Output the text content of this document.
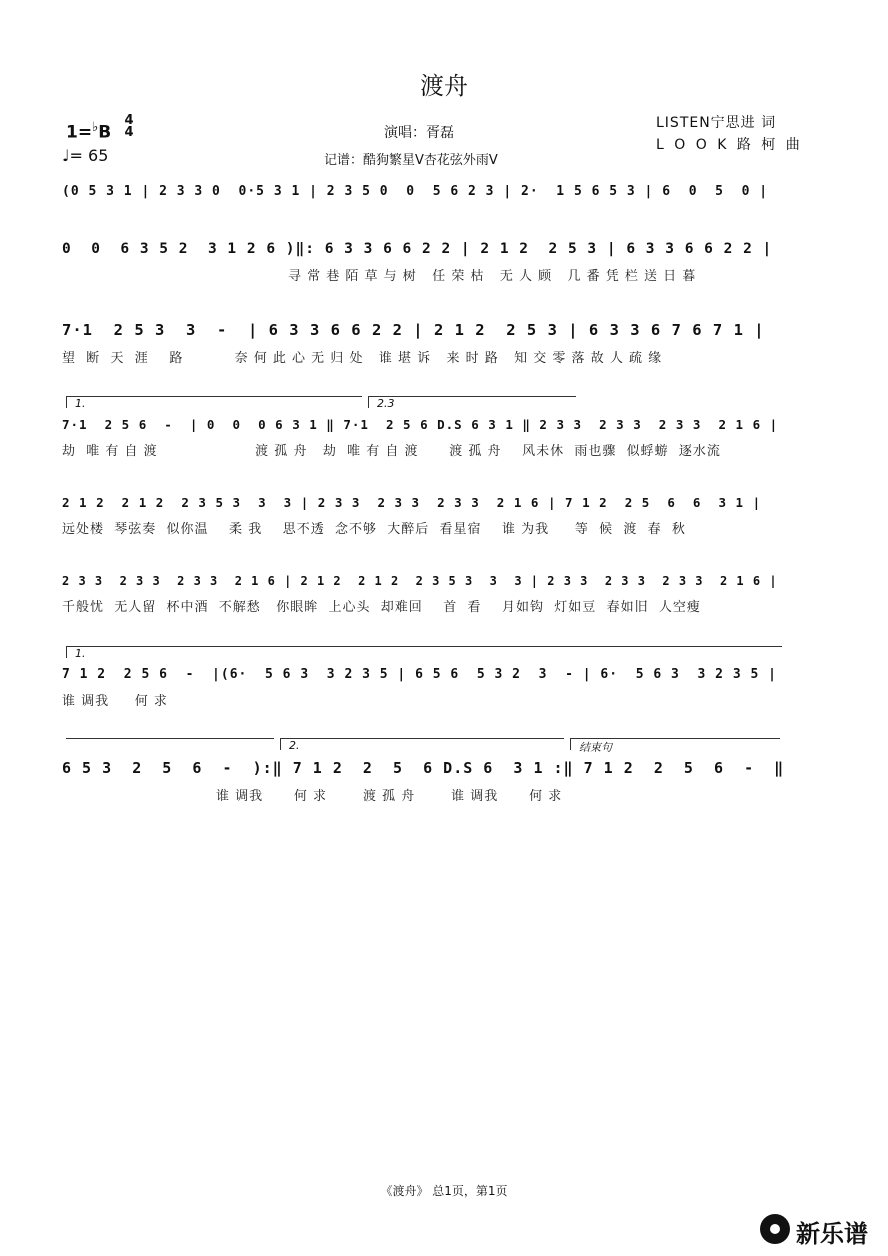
渡舟
1=♭B
4
4
♩= 65
演唱：胥磊
记谱：酷狗繁星V杏花弦外雨V
LISTEN宁思进 词
L O O K 路 柯 曲
(0 5 3 1 | 2 3 3 0  0·5 3 1 | 2 3 5 0  0  5 6 2 3 | 2·  1 5 6 5 3 | 6  0  5  0 |
0  0  6 3 5 2  3 1 2 6 )‖: 6 3 3 6 6 2 2 | 2 1 2  2 5 3 | 6 3 3 6 6 2 2 |
寻 常 巷 陌 草 与 树   任 荣 枯   无 人 顾   几 番 凭 栏 送 日 暮
7·1  2 5 3  3  -  | 6 3 3 6 6 2 2 | 2 1 2  2 5 3 | 6 3 3 6 7 6 7 1 |
望  断  天  涯    路          奈 何 此 心 无 归 处   谁 堪 诉   来 时 路   知 交 零 落 故 人 疏 缘
1.	2.3
7·1  2 5 6  -  | 0  0  0 6 3 1 ‖ 7·1  2 5 6 D.S 6 3 1 ‖ 2 3 3  2 3 3  2 3 3  2 1 6 |
劫  唯 有 自 渡                   渡 孤 舟   劫  唯 有 自 渡      渡 孤 舟    风未休  雨也骤  似蜉蝣  逐水流
2 1 2  2 1 2  2 3 5 3  3  3 | 2 3 3  2 3 3  2 3 3  2 1 6 | 7 1 2  2 5  6  6  3 1 |
远处楼  琴弦奏  似你温    柔 我    思不透  念不够  大醉后  看星宿    谁 为我     等  候  渡  春  秋
2 3 3  2 3 3  2 3 3  2 1 6 | 2 1 2  2 1 2  2 3 5 3  3  3 | 2 3 3  2 3 3  2 3 3  2 1 6 |
千般忧  无人留  杯中酒  不解愁   你眼眸  上心头  却难回    首  看    月如钩  灯如豆  春如旧  人空瘦
1.
7 1 2  2 5 6  -  |(6·  5 6 3  3 2 3 5 | 6 5 6  5 3 2  3  - | 6·  5 6 3  3 2 3 5 |
谁 调我     何 求
2.	结束句
6 5 3  2  5  6  -  ):‖ 7 1 2  2  5  6 D.S 6  3 1 :‖ 7 1 2  2  5  6  -  ‖
谁 调我      何 求       渡 孤 舟       谁 调我      何 求
《渡舟》 总1页，第1页
新乐谱
